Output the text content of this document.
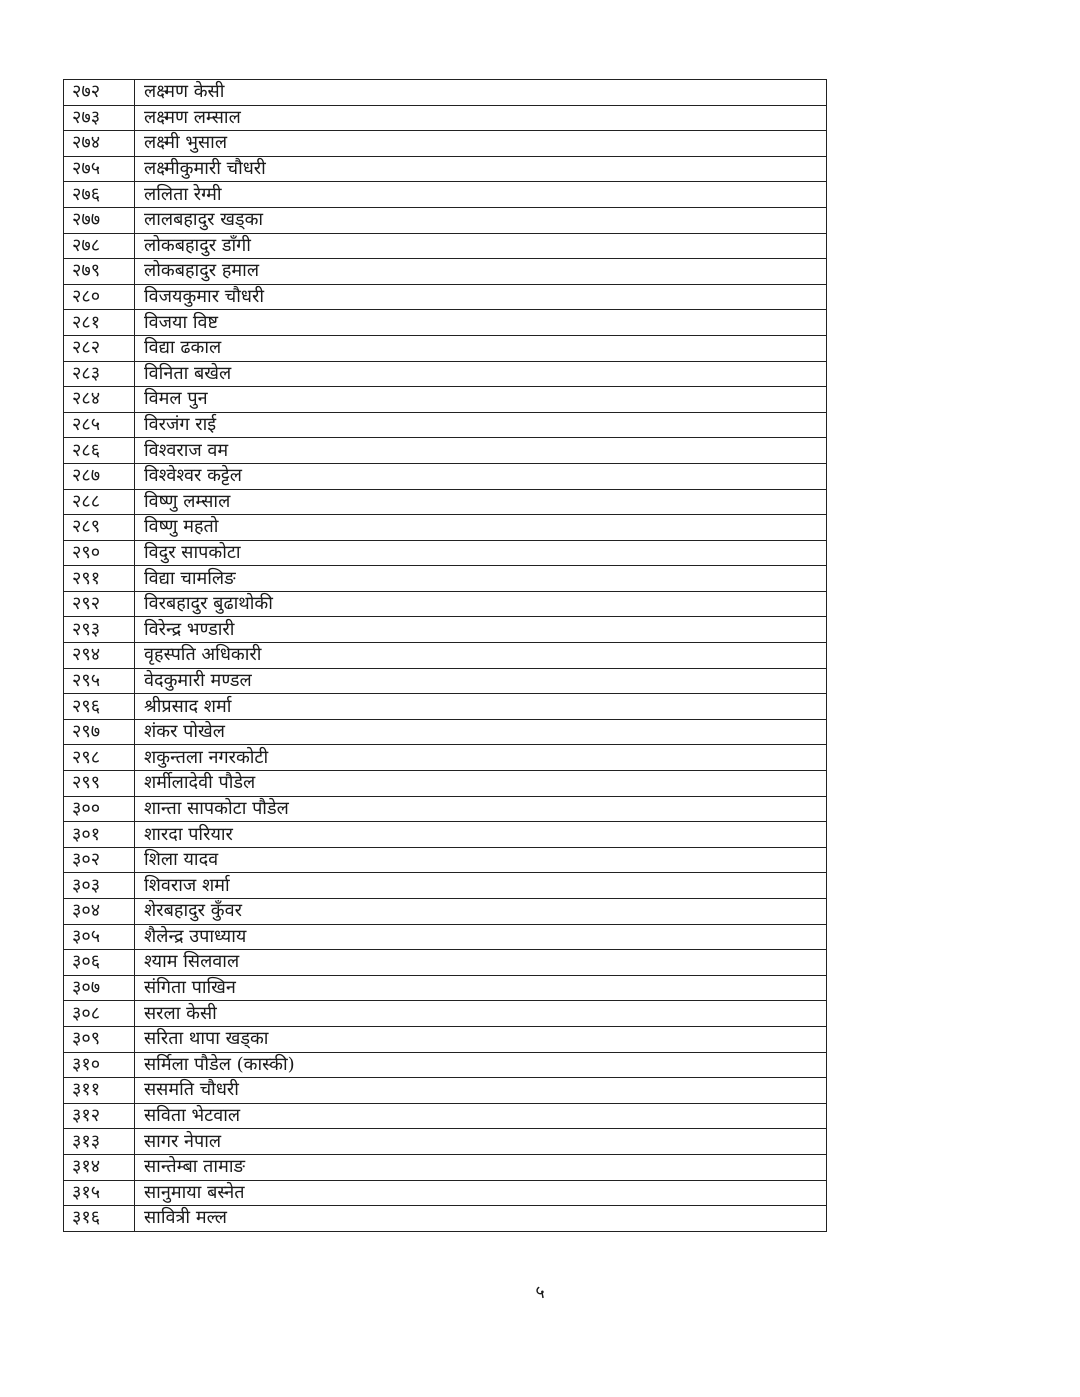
२७२	लक्ष्मण केसी
२७३	लक्ष्मण लम्साल
२७४	लक्ष्मी भुसाल
२७५	लक्ष्मीकुमारी चौधरी
२७६	ललिता रेग्मी
२७७	लालबहादुर खड्का
२७८	लोकबहादुर डाँगी
२७९	लोकबहादुर हमाल
२८०	विजयकुमार चौधरी
२८१	विजया विष्ट
२८२	विद्या ढकाल
२८३	विनिता बखेल
२८४	विमल पुन
२८५	विरजंग राई
२८६	विश्वराज वम
२८७	विश्वेश्वर कट्टेल
२८८	विष्णु लम्साल
२८९	विष्णु महतो
२९०	विदुर सापकोटा
२९१	विद्या चामलिङ
२९२	विरबहादुर बुढाथोकी
२९३	विरेन्द्र भण्डारी
२९४	वृहस्पति अधिकारी
२९५	वेदकुमारी मण्डल
२९६	श्रीप्रसाद शर्मा
२९७	शंकर पोखेल
२९८	शकुन्तला नगरकोटी
२९९	शर्मीलादेवी पौडेल
३००	शान्ता सापकोटा पौडेल
३०१	शारदा परियार
३०२	शिला यादव
३०३	शिवराज शर्मा
३०४	शेरबहादुर कुँवर
३०५	शैलेन्द्र उपाध्याय
३०६	श्याम सिलवाल
३०७	संगिता पाखिन
३०८	सरला केसी
३०९	सरिता थापा खड्का
३१०	सर्मिला पौडेल (कास्की)
३११	ससमति चौधरी
३१२	सविता भेटवाल
३१३	सागर नेपाल
३१४	सान्तेम्बा तामाङ
३१५	सानुमाया बस्नेत
३१६	सावित्री मल्ल
५
